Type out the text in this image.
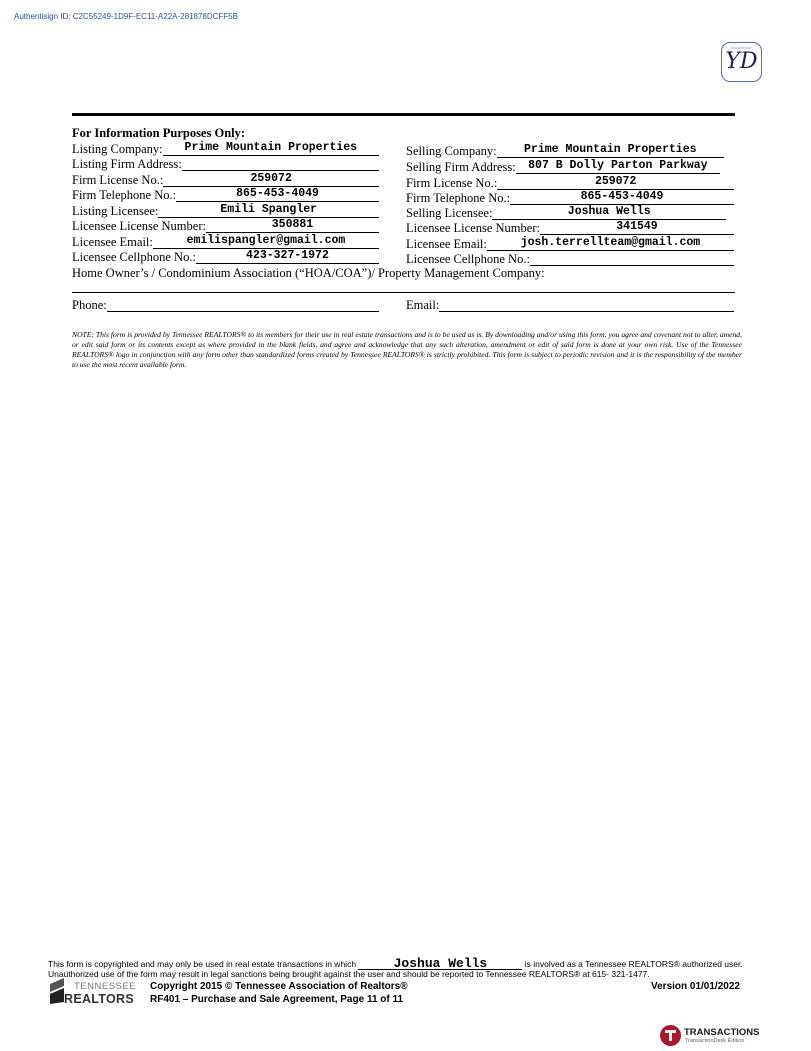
Authentisign ID: C2C55249-1D9F-EC11-A22A-281878DCFF5B
Authentisign
YD
For Information Purposes Only:
Listing Company:	Prime Mountain Properties
Listing Firm Address:
Firm License No.:	259072
Firm Telephone No.:	865-453-4049
Listing Licensee:	Emili Spangler
Licensee License Number:	350881
Licensee Email:	emilispangler@gmail.com
Licensee Cellphone No.:	423-327-1972
Selling Company:	Prime Mountain Properties
Selling Firm Address:	807 B Dolly Parton Parkway
Firm License No.:	259072
Firm Telephone No.:	865-453-4049
Selling Licensee:	Joshua Wells
Licensee License Number:	341549
Licensee Email:	josh.terrellteam@gmail.com
Licensee Cellphone No.:
Home Owner’s / Condominium Association (“HOA/COA”)/ Property Management Company:
Phone:	Email:
NOTE: This form is provided by Tennessee REALTORS® to its members for their use in real estate transactions and is to be used as is. By downloading and/or using this form, you agree and covenant not to alter, amend, or edit said form or its contents except as where provided in the blank fields, and agree and acknowledge that any such alteration, amendment or edit of said form is done at your own risk. Use of the Tennessee REALTORS® logo in conjunction with any form other than standardized forms created by Tennessee REALTORS® is strictly prohibited. This form is subject to periodic revision and it is the responsibility of the member to use the most recent available form.
This form is copyrighted and may only be used in real estate transactions in which	Joshua Wells	is involved as a Tennessee REALTORS® authorized user. Unauthorized use of the form may result in legal sanctions being brought against the user and should be reported to Tennessee REALTORS® at 615- 321-1477.
TENNESSEE
REALTORS
Copyright 2015 © Tennessee Association of Realtors®
RF401 – Purchase and Sale Agreement, Page 11 of 11
Version 01/01/2022
TRANSACTIONS
TransactionDesk Edition
